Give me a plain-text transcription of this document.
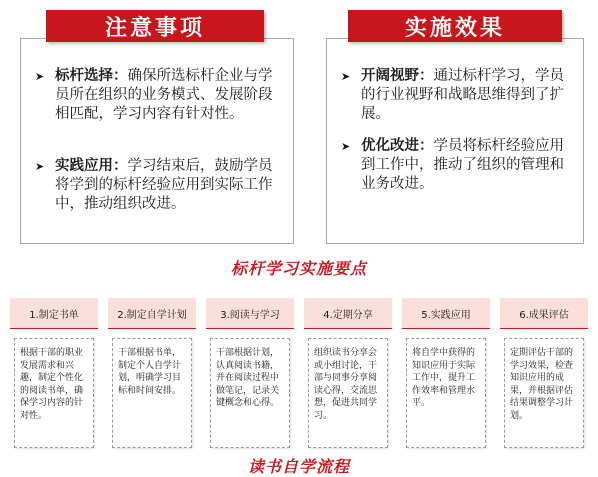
➤ 标杆选择：确保所选标杆企业与学员所在组织的业务模式、发展阶段相匹配，学习内容有针对性。
➤ 实践应用：学习结束后，鼓励学员将学到的标杆经验应用到实际工作中，推动组织改进。
注意事项
➤ 开阔视野：通过标杆学习，学员的行业视野和战略思维得到了扩展。
➤ 优化改进：学员将标杆经验应用到工作中，推动了组织的管理和业务改进。
实施效果
标杆学习实施要点
1.制定书单
根据干部的职业发展需求和兴趣，制定个性化的阅读书单，确保学习内容的针对性。
2.制定自学计划
干部根据书单，制定个人自学计划，明确学习目标和时间安排。
3.阅读与学习
干部根据计划，认真阅读书籍，并在阅读过程中做笔记，记录关键概念和心得。
4.定期分享
组织读书分享会或小组讨论，干部与同事分享阅读心得，交流思想，促进共同学习。
5.实践应用
将自学中获得的知识应用于实际工作中，提升工作效率和管理水平。
6.成果评估
定期评估干部的学习效果，检查知识应用的成果，并根据评估结果调整学习计划。
读书自学流程
